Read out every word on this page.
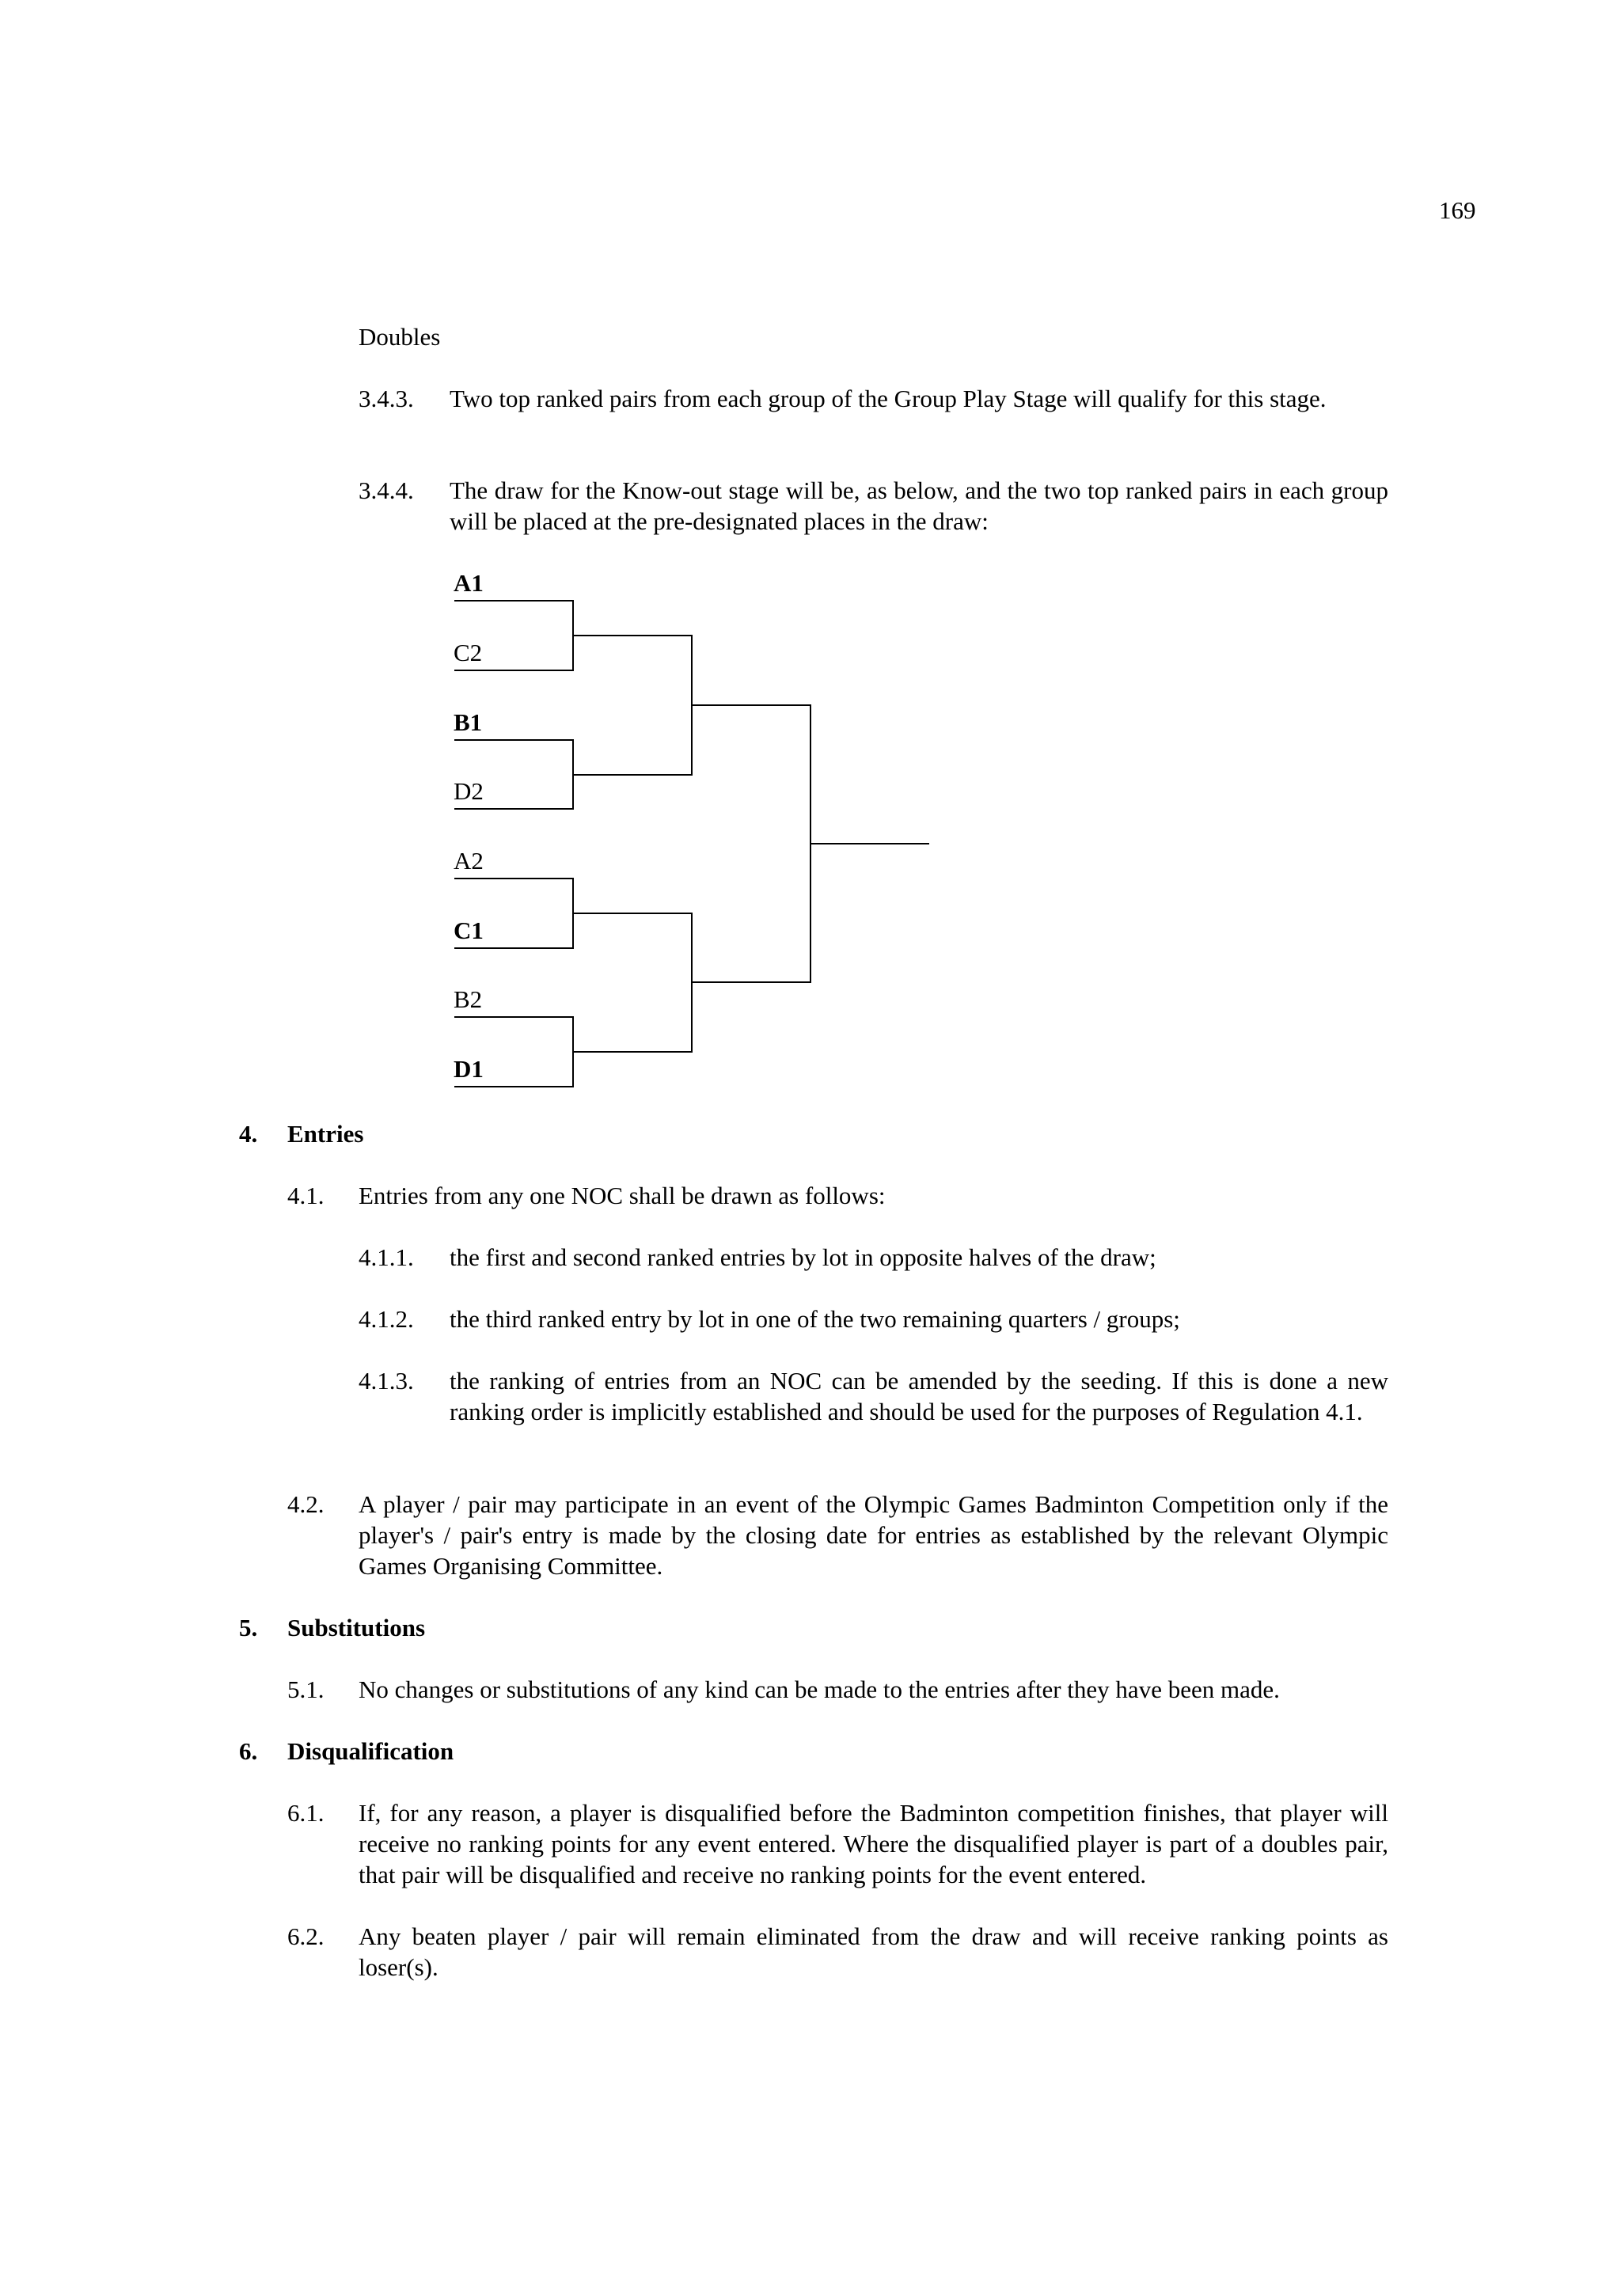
169

Doubles

3.4.3. Two top ranked pairs from each group of the Group Play Stage will qualify for this stage.

3.4.4. The draw for the Know-out stage will be, as below, and the two top ranked pairs in each group will be placed at the pre-designated places in the draw:

A1

C2

B1

D2

A2

C1

B2

D1

4. Entries

4.1. Entries from any one NOC shall be drawn as follows:

4.1.1. the first and second ranked entries by lot in opposite halves of the draw;

4.1.2. the third ranked entry by lot in one of the two remaining quarters / groups;

4.1.3. the ranking of entries from an NOC can be amended by the seeding. If this is done a new ranking order is implicitly established and should be used for the purposes of Regulation 4.1.

4.2. A player / pair may participate in an event of the Olympic Games Badminton Competition only if the player's / pair's entry is made by the closing date for entries as established by the relevant Olympic Games Organising Committee.

5. Substitutions

5.1. No changes or substitutions of any kind can be made to the entries after they have been made.

6. Disqualification

6.1. If, for any reason, a player is disqualified before the Badminton competition finishes, that player will receive no ranking points for any event entered. Where the disqualified player is part of a doubles pair, that pair will be disqualified and receive no ranking points for the event entered.

6.2. Any beaten player / pair will remain eliminated from the draw and will receive ranking points as loser(s).
